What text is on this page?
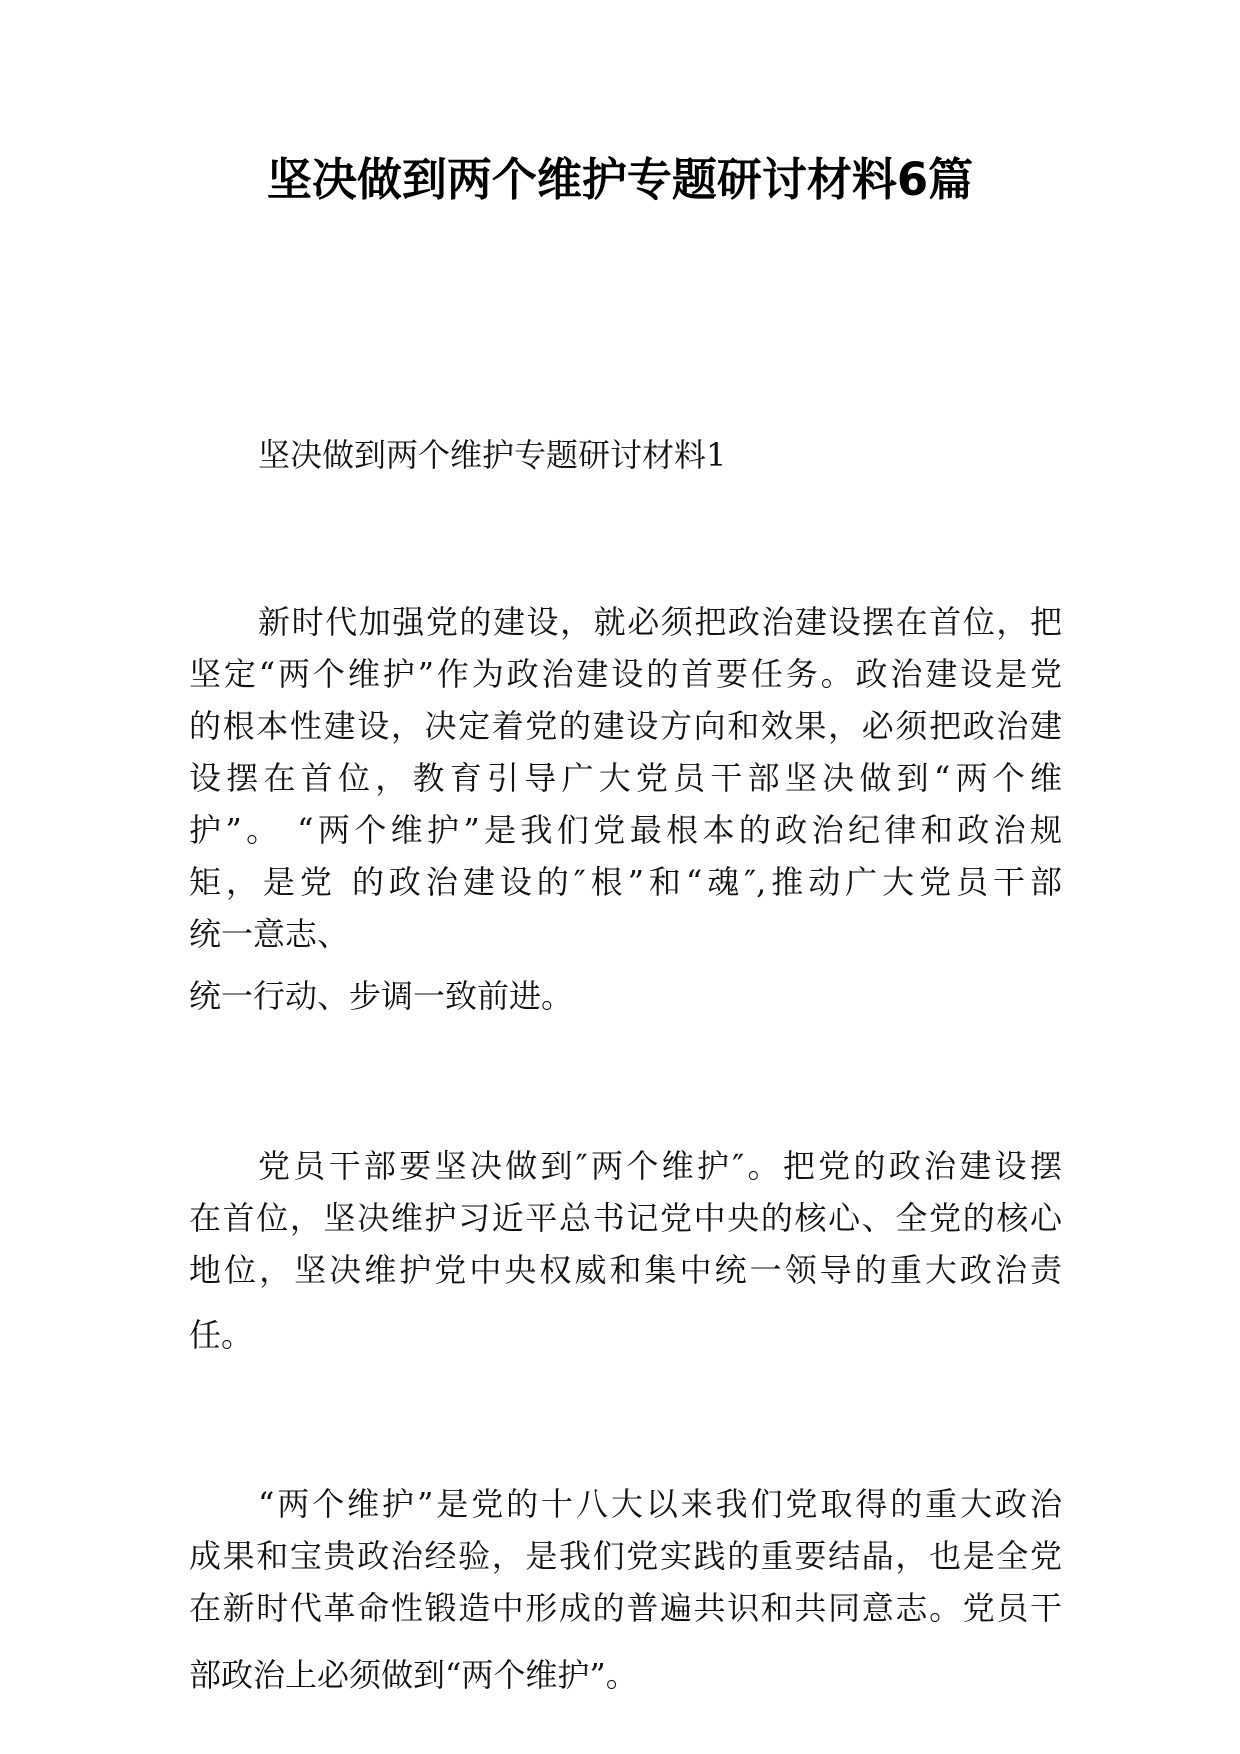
坚决做到两个维护专题研讨材料6篇
坚决做到两个维护专题研讨材料1
新时代加强党的建设，就必须把政治建设摆在首位，把
坚定“两个维护”作为政治建设的首要任务。政治建设是党
的根本性建设，决定着党的建设方向和效果，必须把政治建
设摆在首位，教育引导广大党员干部坚决做到“两个维
护”。 “两个维护”是我们党最根本的政治纪律和政治规
矩，是党 的政治建设的″根”和“魂″,推动广大党员干部
统一意志、
统一行动、步调一致前进。
党员干部要坚决做到″两个维护″。把党的政治建设摆
在首位，坚决维护习近平总书记党中央的核心、全党的核心
地位，坚决维护党中央权威和集中统一领导的重大政治责
任。
“两个维护”是党的十八大以来我们党取得的重大政治
成果和宝贵政治经验，是我们党实践的重要结晶，也是全党
在新时代革命性锻造中形成的普遍共识和共同意志。党员干
部政治上必须做到“两个维护”。
